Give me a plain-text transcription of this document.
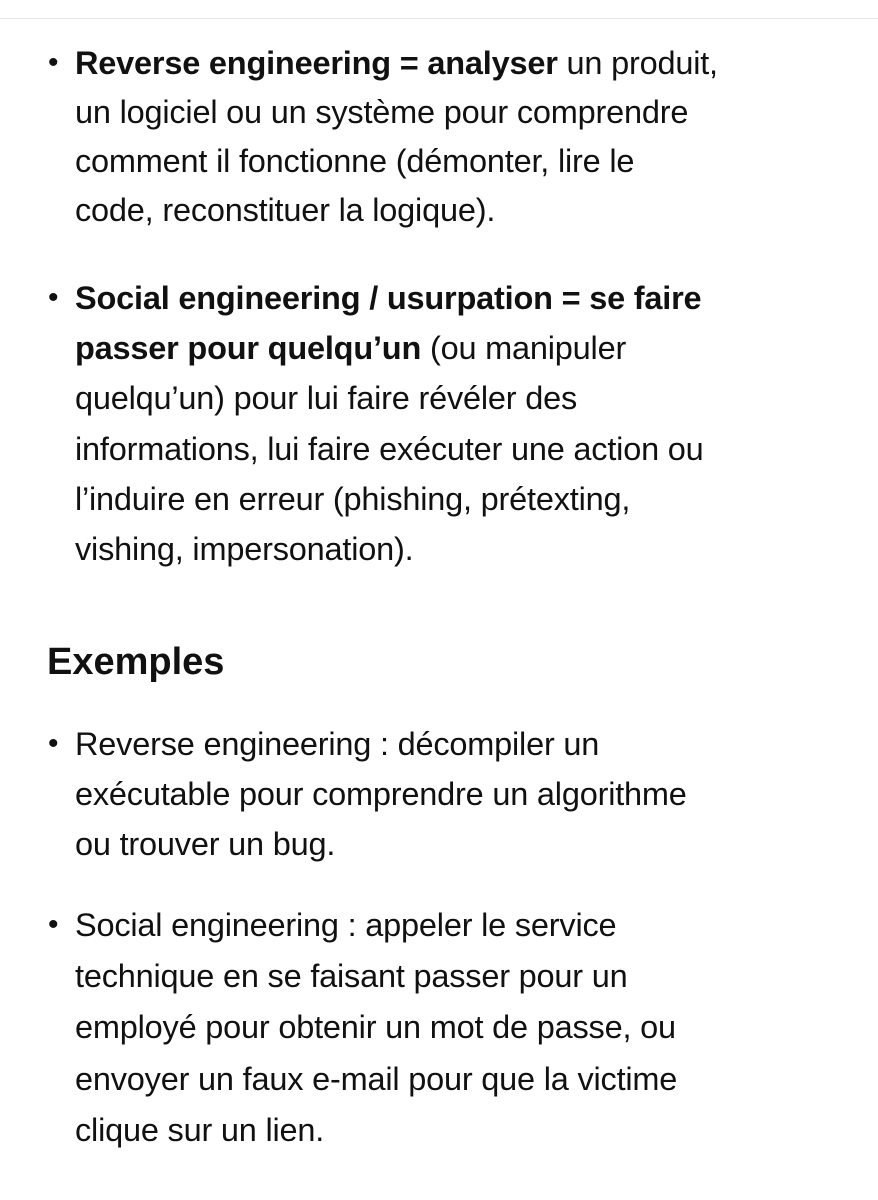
• Reverse engineering = analyser un produit,
un logiciel ou un système pour comprendre
comment il fonctionne (démonter, lire le
code, reconstituer la logique).
• Social engineering / usurpation = se faire
passer pour quelqu’un (ou manipuler
quelqu’un) pour lui faire révéler des
informations, lui faire exécuter une action ou
l’induire en erreur (phishing, prétexting,
vishing, impersonation).
Exemples
• Reverse engineering : décompiler un
exécutable pour comprendre un algorithme
ou trouver un bug.
• Social engineering : appeler le service
technique en se faisant passer pour un
employé pour obtenir un mot de passe, ou
envoyer un faux e-mail pour que la victime
clique sur un lien.
